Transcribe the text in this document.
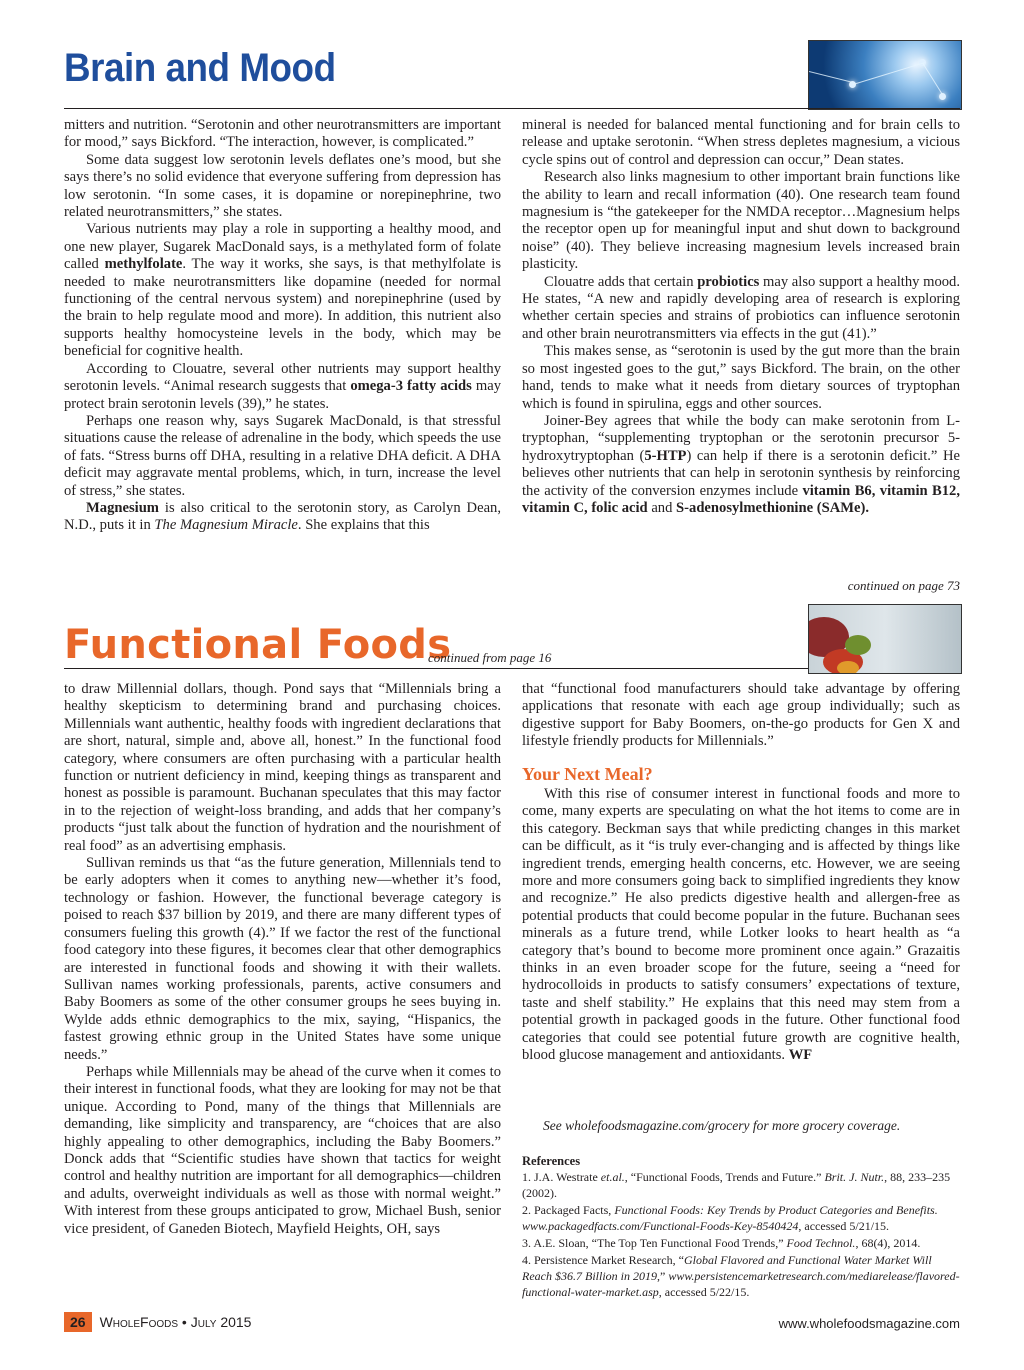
Brain and Mood

mitters and nutrition. “Serotonin and other neurotransmitters are important for mood,” says Bickford. “The interaction, however, is complicated.”

Some data suggest low serotonin levels deflates one’s mood, but she says there’s no solid evidence that everyone suffering from depression has low serotonin. “In some cases, it is dopamine or norepinephrine, two related neurotransmitters,” she states.

Various nutrients may play a role in supporting a healthy mood, and one new player, Sugarek MacDonald says, is a methylated form of folate called methylfolate. The way it works, she says, is that methylfolate is needed to make neurotransmitters like dopamine (needed for normal functioning of the central nervous system) and norepinephrine (used by the brain to help regulate mood and more). In addition, this nutrient also supports healthy homocysteine levels in the body, which may be beneficial for cognitive health.

According to Clouatre, several other nutrients may support healthy serotonin levels. “Animal research suggests that omega-3 fatty acids may protect brain serotonin levels (39),” he states.

Perhaps one reason why, says Sugarek MacDonald, is that stressful situations cause the release of adrenaline in the body, which speeds the use of fats. “Stress burns off DHA, resulting in a relative DHA deficit. A DHA deficit may aggravate mental problems, which, in turn, increase the level of stress,” she states.

Magnesium is also critical to the serotonin story, as Carolyn Dean, N.D., puts it in The Magnesium Miracle. She explains that this

mineral is needed for balanced mental functioning and for brain cells to release and uptake serotonin. “When stress depletes magnesium, a vicious cycle spins out of control and depression can occur,” Dean states.

Research also links magnesium to other important brain functions like the ability to learn and recall information (40). One research team found magnesium is “the gatekeeper for the NMDA receptor…Magnesium helps the receptor open up for meaningful input and shut down to background noise” (40). They believe increasing magnesium levels increased brain plasticity.

Clouatre adds that certain probiotics may also support a healthy mood. He states, “A new and rapidly developing area of research is exploring whether certain species and strains of probiotics can influence serotonin and other brain neurotransmitters via effects in the gut (41).”

This makes sense, as “serotonin is used by the gut more than the brain so most ingested goes to the gut,” says Bickford. The brain, on the other hand, tends to make what it needs from dietary sources of tryptophan which is found in spirulina, eggs and other sources.

Joiner-Bey agrees that while the body can make serotonin from L-tryptophan, “supplementing tryptophan or the serotonin precursor 5-hydroxytryptophan (5-HTP) can help if there is a serotonin deficit.” He believes other nutrients that can help in serotonin synthesis by reinforcing the activity of the conversion enzymes include vitamin B6, vitamin B12, vitamin C, folic acid and S-adenosylmethionine (SAMe).

continued on page 73
Functional Foods
continued from page 16

to draw Millennial dollars, though. Pond says that “Millennials bring a healthy skepticism to determining brand and purchasing choices. Millennials want authentic, healthy foods with ingredient declarations that are short, natural, simple and, above all, honest.” In the functional food category, where consumers are often purchasing with a particular health function or nutrient deficiency in mind, keeping things as transparent and honest as possible is paramount. Buchanan speculates that this may factor in to the rejection of weight-loss branding, and adds that her company’s products “just talk about the function of hydration and the nourishment of real food” as an advertising emphasis.

Sullivan reminds us that “as the future generation, Millennials tend to be early adopters when it comes to anything new—whether it’s food, technology or fashion. However, the functional beverage category is poised to reach $37 billion by 2019, and there are many different types of consumers fueling this growth (4).” If we factor the rest of the functional food category into these figures, it becomes clear that other demographics are interested in functional foods and showing it with their wallets. Sullivan names working professionals, parents, active consumers and Baby Boomers as some of the other consumer groups he sees buying in. Wylde adds ethnic demographics to the mix, saying, “Hispanics, the fastest growing ethnic group in the United States have some unique needs.”

Perhaps while Millennials may be ahead of the curve when it comes to their interest in functional foods, what they are looking for may not be that unique. According to Pond, many of the things that Millennials are demanding, like simplicity and transparency, are “choices that are also highly appealing to other demographics, including the Baby Boomers.” Donck adds that “Scientific studies have shown that tactics for weight control and healthy nutrition are important for all demographics—children and adults, overweight individuals as well as those with normal weight.” With interest from these groups anticipated to grow, Michael Bush, senior vice president, of Ganeden Biotech, Mayfield Heights, OH, says

that “functional food manufacturers should take advantage by offering applications that resonate with each age group individually; such as digestive support for Baby Boomers, on-the-go products for Gen X and lifestyle friendly products for Millennials.”

Your Next Meal?

With this rise of consumer interest in functional foods and more to come, many experts are speculating on what the hot items to come are in this category. Beckman says that while predicting changes in this market can be difficult, as it “is truly ever-changing and is affected by things like ingredient trends, emerging health concerns, etc. However, we are seeing more and more consumers going back to simplified ingredients they know and recognize.” He also predicts digestive health and allergen-free as potential products that could become popular in the future. Buchanan sees minerals as a future trend, while Lotker looks to heart health as “a category that’s bound to become more prominent once again.” Grazaitis thinks in an even broader scope for the future, seeing a “need for hydrocolloids in products to satisfy consumers’ expectations of texture, taste and shelf stability.” He explains that this need may stem from a potential growth in packaged goods in the future. Other functional food categories that could see potential future growth are cognitive health, blood glucose management and antioxidants. WF

See wholefoodsmagazine.com/grocery for more grocery coverage.

References

1. J.A. Westrate et.al., “Functional Foods, Trends and Future.” Brit. J. Nutr., 88, 233–235 (2002).

2. Packaged Facts, Functional Foods: Key Trends by Product Categories and Benefits. www.packagedfacts.com/Functional-Foods-Key-8540424, accessed 5/21/15.

3. A.E. Sloan, “The Top Ten Functional Food Trends,” Food Technol., 68(4), 2014.

4. Persistence Market Research, “Global Flavored and Functional Water Market Will Reach $36.7 Billion in 2019,” www.persistencemarketresearch.com/mediarelease/flavored-functional-water-market.asp, accessed 5/22/15.

26 WholeFoods • July 2015	www.wholefoodsmagazine.com
